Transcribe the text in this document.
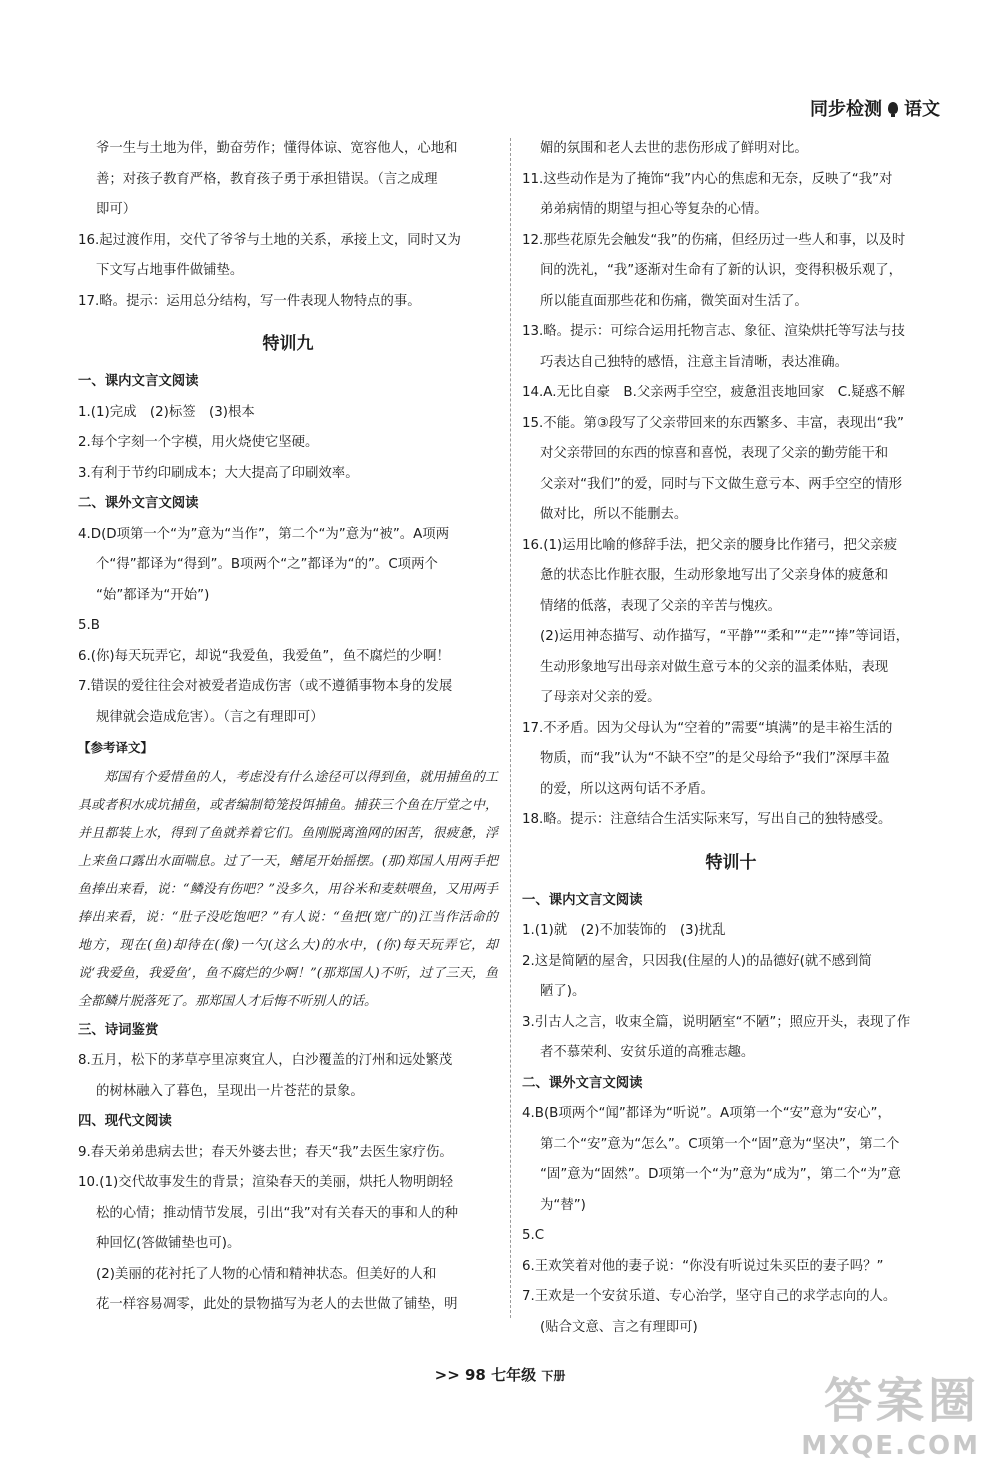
同步检测 语文

爷一生与土地为伴，勤奋劳作；懂得体谅、宽容他人，心地和

善；对孩子教育严格，教育孩子勇于承担错误。（言之成理

即可）

16.起过渡作用，交代了爷爷与土地的关系，承接上文，同时又为

下文写占地事件做铺垫。

17.略。提示：运用总分结构，写一件表现人物特点的事。

特训九

一、课内文言文阅读

1.(1)完成　(2)标签　(3)根本

2.每个字刻一个字模，用火烧使它坚硬。

3.有利于节约印刷成本；大大提高了印刷效率。

二、课外文言文阅读

4.D(D项第一个“为”意为“当作”，第二个“为”意为“被”。A项两

个“得”都译为“得到”。B项两个“之”都译为“的”。C项两个

“始”都译为“开始”)

5.B

6.(你)每天玩弄它，却说“我爱鱼，我爱鱼”，鱼不腐烂的少啊！

7.错误的爱往往会对被爱者造成伤害（或不遵循事物本身的发展

规律就会造成危害）。（言之有理即可）

【参考译文】

郑国有个爱惜鱼的人，考虑没有什么途径可以得到鱼，就用捕鱼的工具或者积水成坑捕鱼，或者编制筍笼投饵捕鱼。捕获三个鱼在厅堂之中，并且都装上水，得到了鱼就养着它们。鱼刚脱离渔网的困苦，很疲惫，浮上来鱼口露出水面喘息。过了一天，鳍尾开始摇摆。(那)郑国人用两手把鱼捧出来看，说：“鳞没有伤吧？”没多久，用谷米和麦麸喂鱼，又用两手捧出来看，说：“肚子没吃饱吧？”有人说：“鱼把(宽广的)江当作活命的地方，现在(鱼)却待在(像)一勺(这么大)的水中，(你)每天玩弄它，却说‘我爱鱼，我爱鱼’，鱼不腐烂的少啊！”(那郑国人)不听，过了三天，鱼全都鳞片脱落死了。那郑国人才后悔不听别人的话。

三、诗词鉴赏

8.五月，松下的茅草亭里凉爽宜人，白沙覆盖的汀州和远处繁茂

的树林融入了暮色，呈现出一片苍茫的景象。

四、现代文阅读

9.春天弟弟患病去世；春天外婆去世；春天“我”去医生家疗伤。

10.(1)交代故事发生的背景；渲染春天的美丽，烘托人物明朗轻

松的心情；推动情节发展，引出“我”对有关春天的事和人的种

种回忆(答做铺垫也可)。

(2)美丽的花衬托了人物的心情和精神状态。但美好的人和

花一样容易凋零，此处的景物描写为老人的去世做了铺垫，明

媚的氛围和老人去世的悲伤形成了鲜明对比。

11.这些动作是为了掩饰“我”内心的焦虑和无奈，反映了“我”对

弟弟病情的期望与担心等复杂的心情。

12.那些花原先会触发“我”的伤痛，但经历过一些人和事，以及时

间的洗礼，“我”逐渐对生命有了新的认识，变得积极乐观了，

所以能直面那些花和伤痛，微笑面对生活了。

13.略。提示：可综合运用托物言志、象征、渲染烘托等写法与技

巧表达自己独特的感悟，注意主旨清晰，表达准确。

14.A.无比自豪　B.父亲两手空空，疲惫沮丧地回家　C.疑惑不解

15.不能。第③段写了父亲带回来的东西繁多、丰富，表现出“我”

对父亲带回的东西的惊喜和喜悦，表现了父亲的勤劳能干和

父亲对“我们”的爱，同时与下文做生意亏本、两手空空的情形

做对比，所以不能删去。

16.(1)运用比喻的修辞手法，把父亲的腰身比作猪弓，把父亲疲

惫的状态比作脏衣服，生动形象地写出了父亲身体的疲惫和

情绪的低落，表现了父亲的辛苦与愧疚。

(2)运用神态描写、动作描写，“平静”“柔和”“走”“捧”等词语，

生动形象地写出母亲对做生意亏本的父亲的温柔体贴，表现

了母亲对父亲的爱。

17.不矛盾。因为父母认为“空着的”需要“填满”的是丰裕生活的

物质，而“我”认为“不缺不空”的是父母给予“我们”深厚丰盈

的爱，所以这两句话不矛盾。

18.略。提示：注意结合生活实际来写，写出自己的独特感受。

特训十

一、课内文言文阅读

1.(1)就　(2)不加装饰的　(3)扰乱

2.这是简陋的屋舍，只因我(住屋的人)的品德好(就不感到简

陋了)。

3.引古人之言，收束全篇，说明陋室“不陋”；照应开头，表现了作

者不慕荣利、安贫乐道的高雅志趣。

二、课外文言文阅读

4.B(B项两个“闻”都译为“听说”。A项第一个“安”意为“安心”，

第二个“安”意为“怎么”。C项第一个“固”意为“坚决”，第二个

“固”意为“固然”。D项第一个“为”意为“成为”，第二个“为”意

为“替”)

5.C

6.王欢笑着对他的妻子说：“你没有听说过朱买臣的妻子吗？”

7.王欢是一个安贫乐道、专心治学，坚守自己的求学志向的人。

(贴合文意、言之有理即可)

>> 98 七年级 下册	答案圈
MXQE.COM
